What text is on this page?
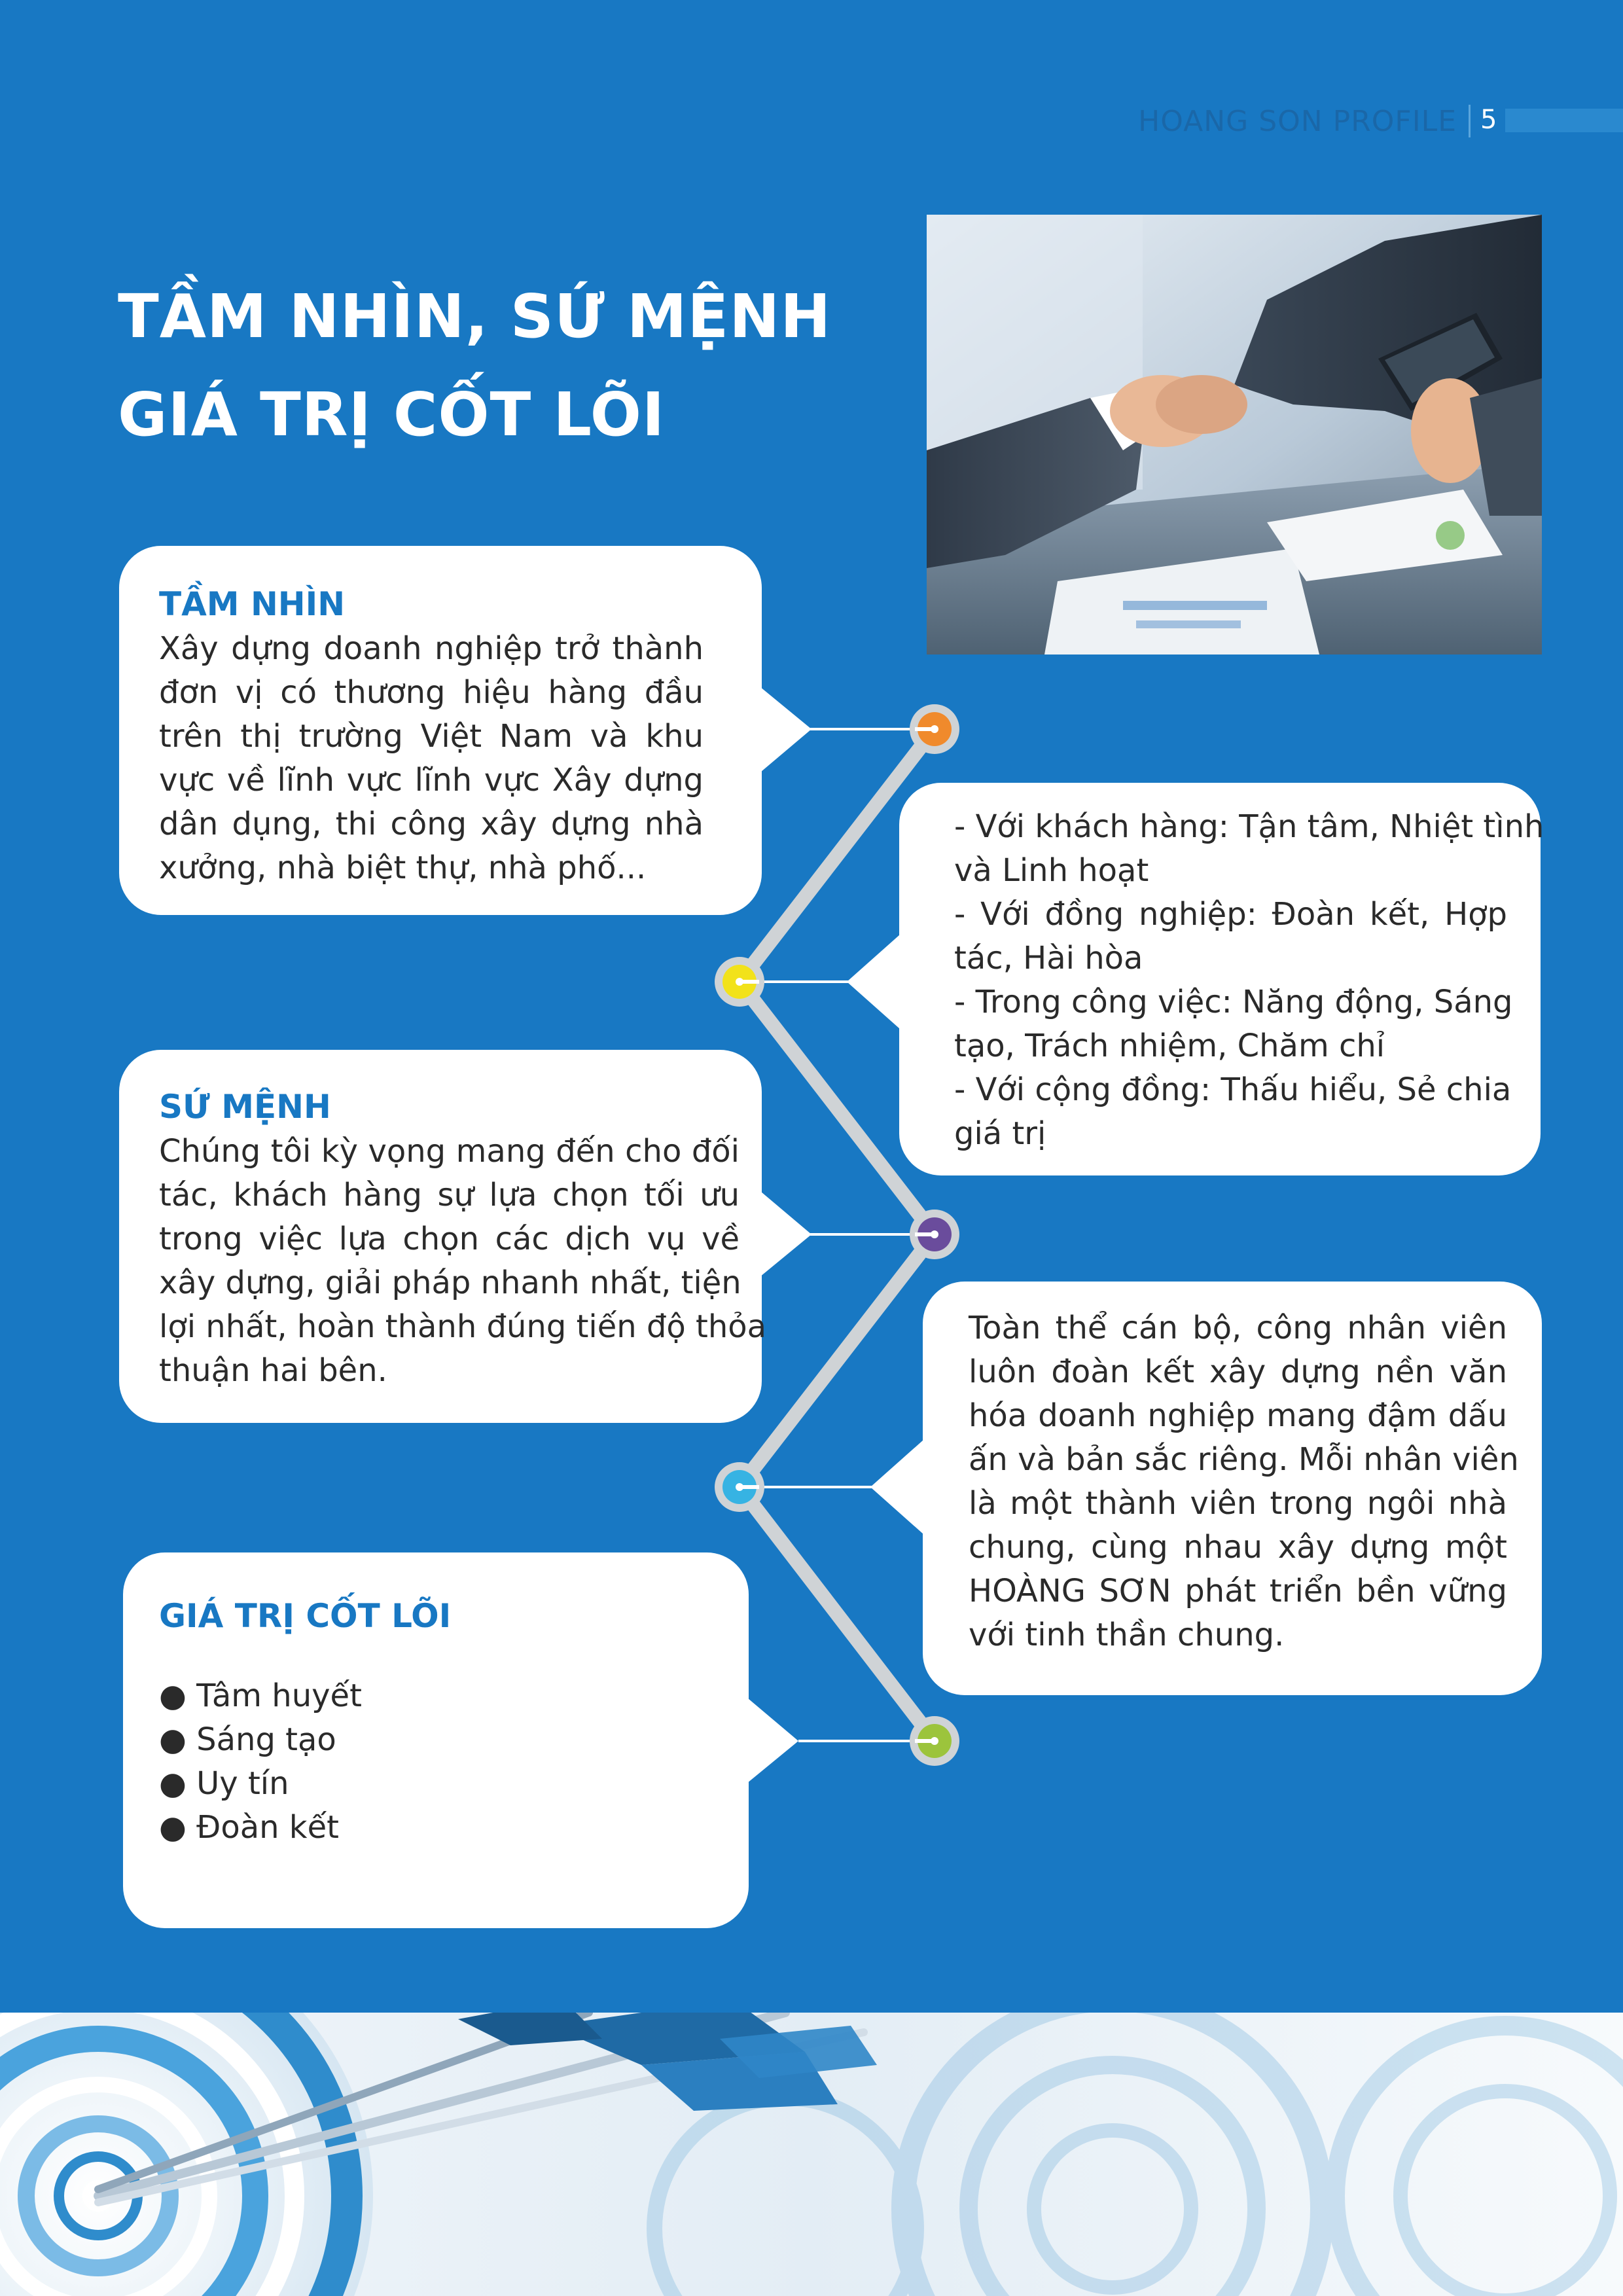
HOANG SON PROFILE 5
TẦM NHÌN, SỨ MỆNH
GIÁ TRỊ CỐT LÕI
TẦM NHÌN
Xây dựng doanh nghiệp trở thành
đơn vị có thương hiệu hàng đầu
trên thị trường Việt Nam và khu
vực về lĩnh vực lĩnh vực Xây dựng
dân dụng, thi công xây dựng nhà
xưởng, nhà biệt thự, nhà phố...
- Với khách hàng: Tận tâm, Nhiệt tình
và Linh hoạt
- Với đồng nghiệp: Đoàn kết, Hợp
tác, Hài hòa
- Trong công việc: Năng động, Sáng
tạo, Trách nhiệm, Chăm chỉ
- Với cộng đồng: Thấu hiểu, Sẻ chia
giá trị
SỨ MỆNH
Chúng tôi kỳ vọng mang đến cho đối
tác, khách hàng sự lựa chọn tối ưu
trong việc lựa chọn các dịch vụ về
xây dựng, giải pháp nhanh nhất, tiện
lợi nhất, hoàn thành đúng tiến độ thỏa
thuận hai bên.
Toàn thể cán bộ, công nhân viên
luôn đoàn kết xây dựng nền văn
hóa doanh nghiệp mang đậm dấu
ấn và bản sắc riêng. Mỗi nhân viên
là một thành viên trong ngôi nhà
chung, cùng nhau xây dựng một
HOÀNG SƠN phát triển bền vững
với tinh thần chung.
GIÁ TRỊ CỐT LÕI
● Tâm huyết
● Sáng tạo
● Uy tín
● Đoàn kết
